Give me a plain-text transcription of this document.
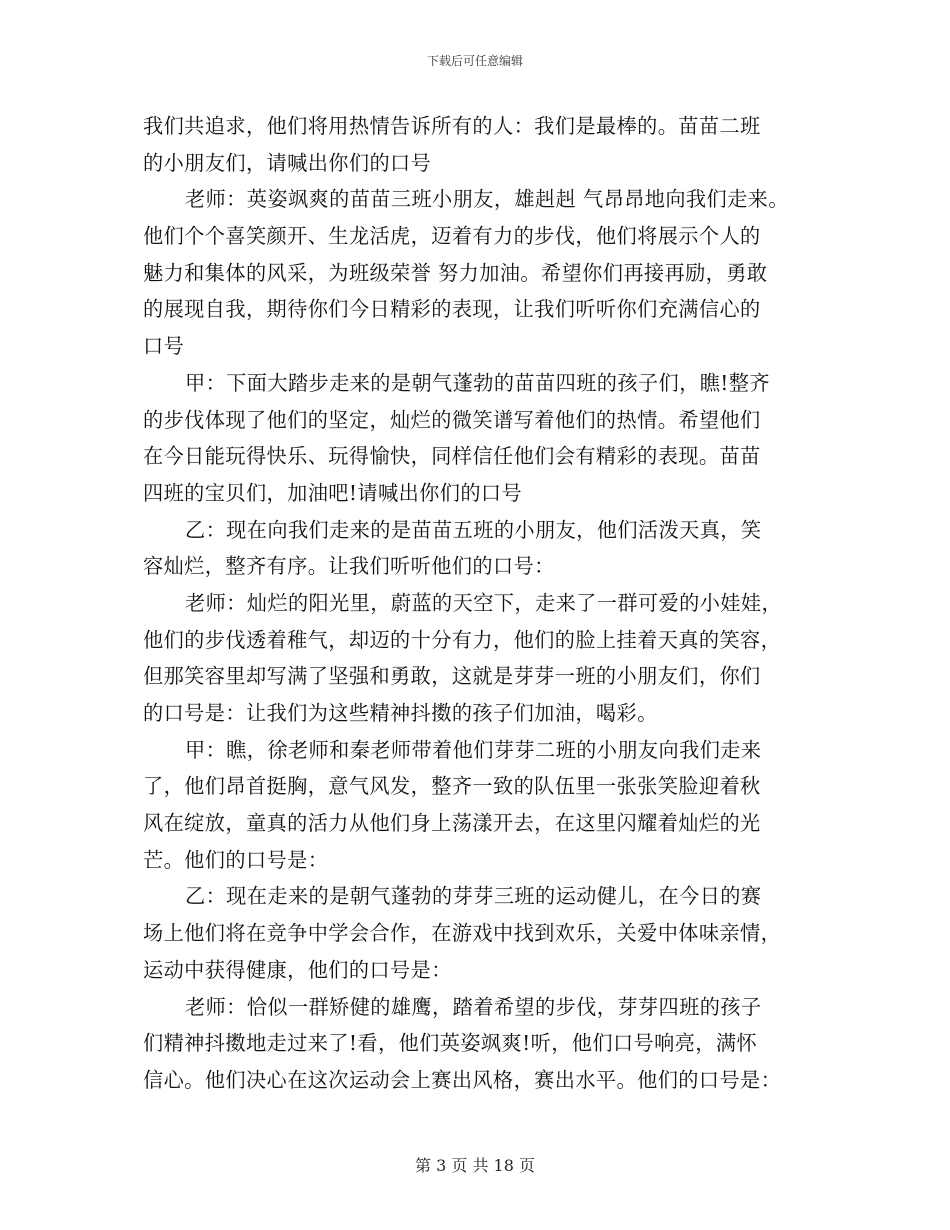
下载后可任意编辑
我们共追求，他们将用热情告诉所有的人：我们是最棒的。苗苗二班
的小朋友们，请喊出你们的口号
老师：英姿飒爽的苗苗三班小朋友，雄赳赳 气昂昂地向我们走来。
他们个个喜笑颜开、生龙活虎，迈着有力的步伐，他们将展示个人的
魅力和集体的风采，为班级荣誉 努力加油。希望你们再接再励，勇敢
的展现自我，期待你们今日精彩的表现，让我们听听你们充满信心的
口号
甲：下面大踏步走来的是朝气蓬勃的苗苗四班的孩子们，瞧!整齐
的步伐体现了他们的坚定，灿烂的微笑谱写着他们的热情。希望他们
在今日能玩得快乐、玩得愉快，同样信任他们会有精彩的表现。苗苗
四班的宝贝们，加油吧!请喊出你们的口号
乙：现在向我们走来的是苗苗五班的小朋友，他们活泼天真，笑
容灿烂，整齐有序。让我们听听他们的口号：
老师：灿烂的阳光里，蔚蓝的天空下，走来了一群可爱的小娃娃，
他们的步伐透着稚气，却迈的十分有力，他们的脸上挂着天真的笑容，
但那笑容里却写满了坚强和勇敢，这就是芽芽一班的小朋友们，你们
的口号是：让我们为这些精神抖擞的孩子们加油，喝彩。
甲：瞧，徐老师和秦老师带着他们芽芽二班的小朋友向我们走来
了，他们昂首挺胸，意气风发，整齐一致的队伍里一张张笑脸迎着秋
风在绽放，童真的活力从他们身上荡漾开去，在这里闪耀着灿烂的光
芒。他们的口号是：
乙：现在走来的是朝气蓬勃的芽芽三班的运动健儿，在今日的赛
场上他们将在竞争中学会合作，在游戏中找到欢乐，关爱中体味亲情，
运动中获得健康，他们的口号是：
老师：恰似一群矫健的雄鹰，踏着希望的步伐，芽芽四班的孩子
们精神抖擞地走过来了!看，他们英姿飒爽!听，他们口号响亮，满怀
信心。他们决心在这次运动会上赛出风格，赛出水平。他们的口号是：
第 3 页 共 18 页
